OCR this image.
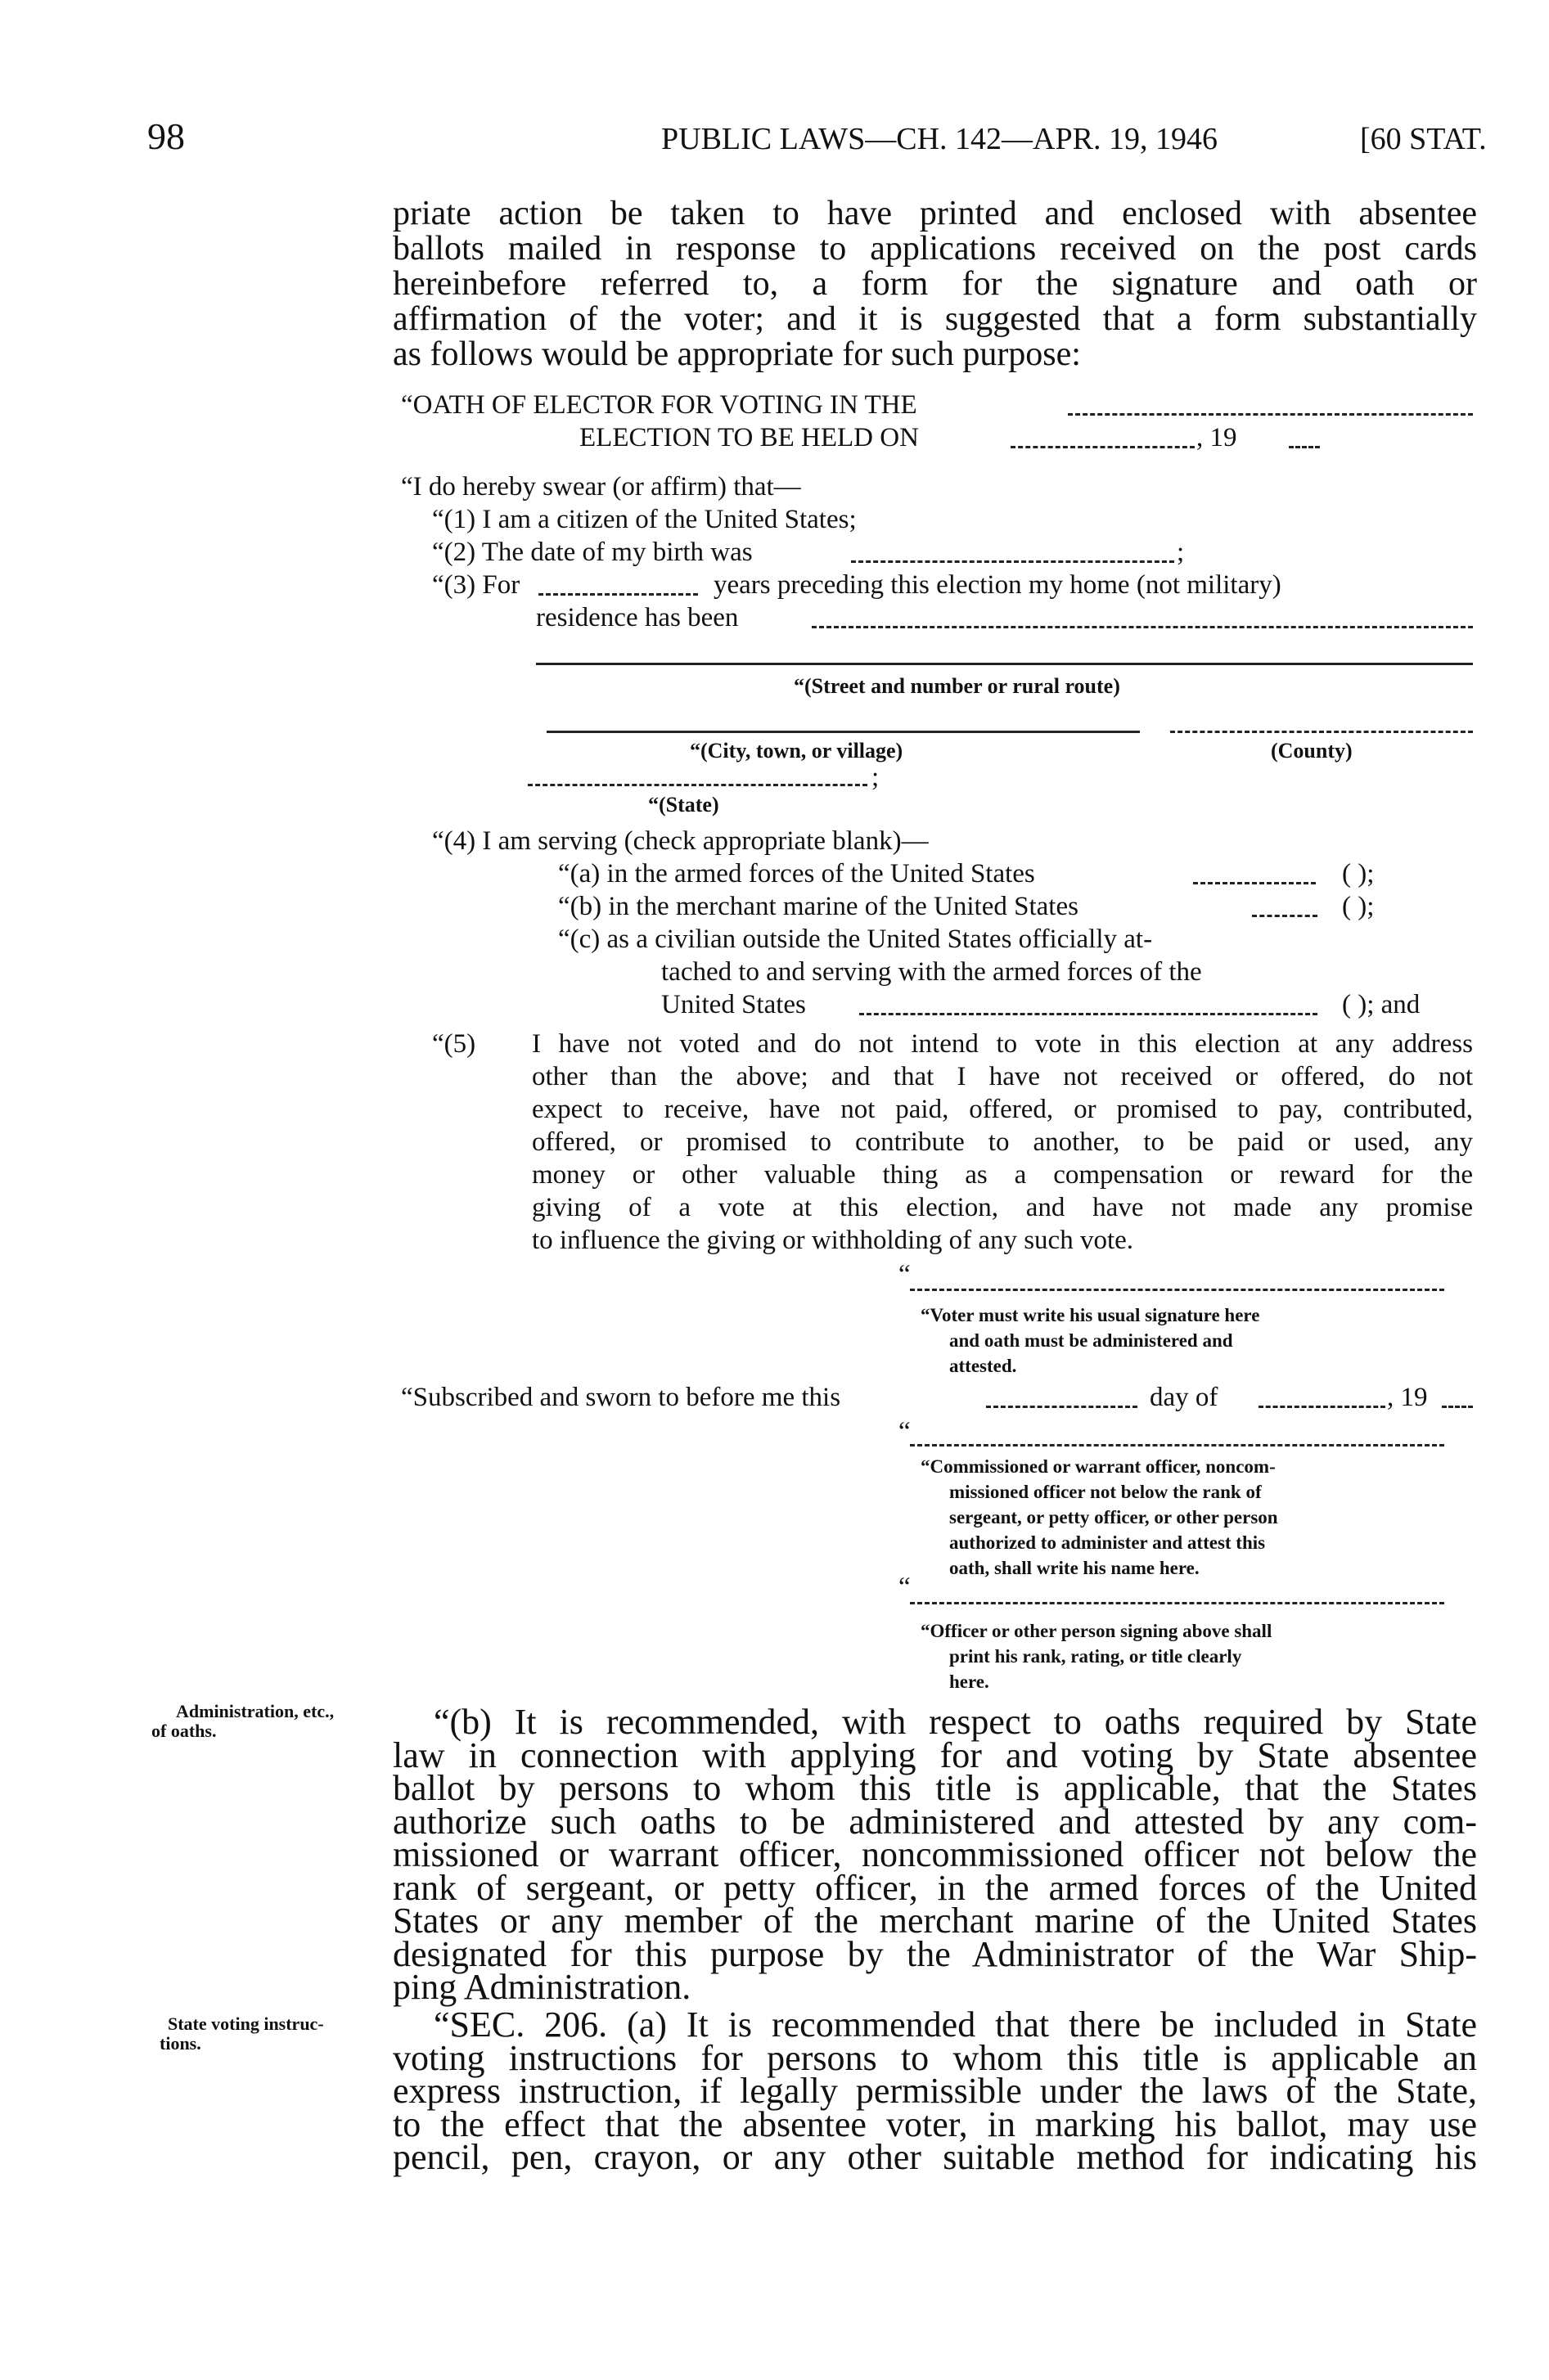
98	PUBLIC LAWS—CH. 142—APR. 19, 1946	[60 STAT.
priate action be taken to have printed and enclosed with absentee
ballots mailed in response to applications received on the post cards
hereinbefore referred to, a form for the signature and oath or
affirmation of the voter; and it is suggested that a form substantially
as follows would be appropriate for such purpose:
“OATH OF ELECTOR FOR VOTING IN THE
ELECTION TO BE HELD ON	, 19
“I do hereby swear (or affirm) that—
“(1) I am a citizen of the United States;
“(2) The date of my birth was	;
“(3) For	years preceding this election my home (not military)
residence has been
“(Street and number or rural route)
“(City, town, or village)	(County)
;
“(State)
“(4) I am serving (check appropriate blank)—
“(a) in the armed forces of the United States	( );
“(b) in the merchant marine of the United States	( );
“(c) as a civilian outside the United States officially at-
tached to and serving with the armed forces of the
United States	( ); and
“(5) I have not voted and do not intend to vote in this election at any address
other than the above; and that I have not received or offered, do not
expect to receive, have not paid, offered, or promised to pay, contributed,
offered, or promised to contribute to another, to be paid or used, any
money or other valuable thing as a compensation or reward for the
giving of a vote at this election, and have not made any promise
to influence the giving or withholding of any such vote.
“
“Voter must write his usual signature here
and oath must be administered and
attested.
“Subscribed and sworn to before me this	day of	, 19
“
“Commissioned or warrant officer, noncom-
missioned officer not below the rank of
sergeant, or petty officer, or other person
authorized to administer and attest this
oath, shall write his name here.
“
“Officer or other person signing above shall
print his rank, rating, or title clearly
here.
Administration, etc.,
of oaths.
State voting instruc-
tions.
“(b) It is recommended, with respect to oaths required by State
law in connection with applying for and voting by State absentee
ballot by persons to whom this title is applicable, that the States
authorize such oaths to be administered and attested by any com-
missioned or warrant officer, noncommissioned officer not below the
rank of sergeant, or petty officer, in the armed forces of the United
States or any member of the merchant marine of the United States
designated for this purpose by the Administrator of the War Ship-
ping Administration.
“SEC. 206. (a) It is recommended that there be included in State
voting instructions for persons to whom this title is applicable an
express instruction, if legally permissible under the laws of the State,
to the effect that the absentee voter, in marking his ballot, may use
pencil, pen, crayon, or any other suitable method for indicating his
